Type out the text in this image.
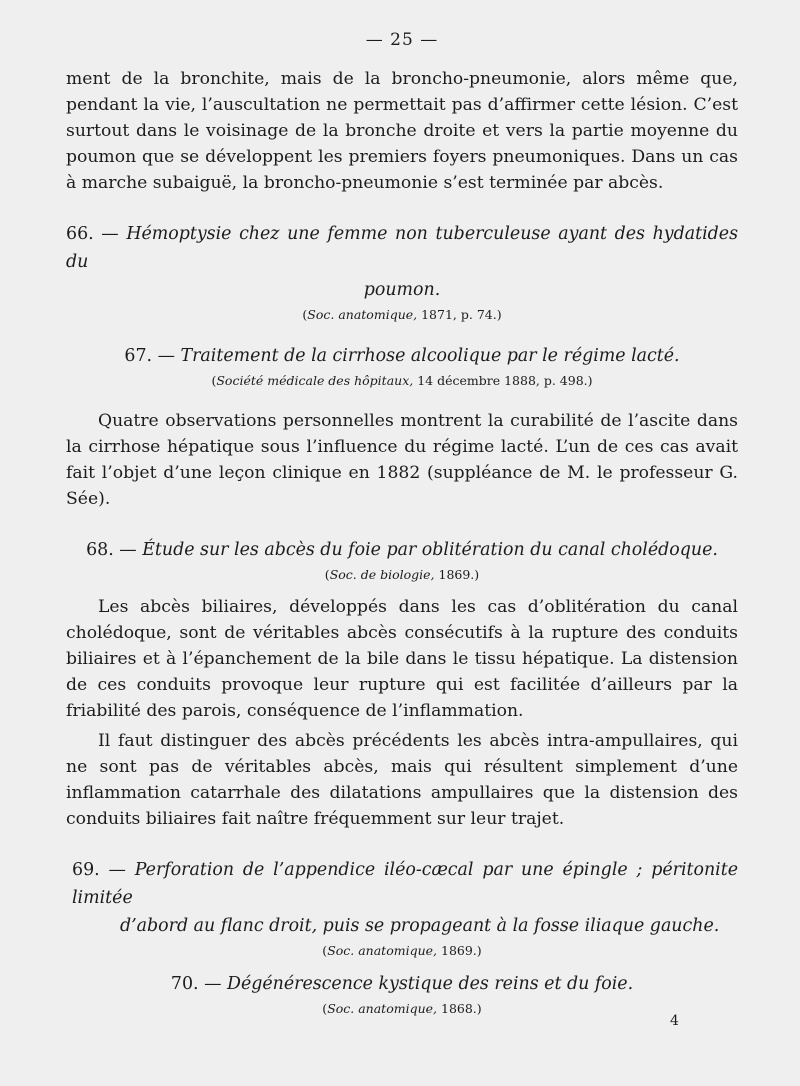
— 25 —

ment de la bronchite, mais de la broncho-pneumonie, alors même que, pendant la vie, l’auscultation ne permettait pas d’affirmer cette lésion. C’est surtout dans le voisinage de la bronche droite et vers la partie moyenne du poumon que se développent les premiers foyers pneumoniques. Dans un cas à marche subaiguë, la broncho-pneumonie s’est terminée par abcès.

66. — Hémoptysie chez une femme non tuberculeuse ayant des hydatides du
poumon.
(Soc. anatomique, 1871, p. 74.)
67. — Traitement de la cirrhose alcoolique par le régime lacté.
(Société médicale des hôpitaux, 14 décembre 1888, p. 498.)

Quatre observations personnelles montrent la curabilité de l’ascite dans la cirrhose hépatique sous l’influence du régime lacté. L’un de ces cas avait fait l’objet d’une leçon clinique en 1882 (suppléance de M. le professeur G. Sée).

68. — Étude sur les abcès du foie par oblitération du canal cholédoque.
(Soc. de biologie, 1869.)

Les abcès biliaires, développés dans les cas d’oblitération du canal cholédoque, sont de véritables abcès consécutifs à la rupture des conduits biliaires et à l’épanchement de la bile dans le tissu hépatique. La distension de ces conduits provoque leur rupture qui est facilitée d’ailleurs par la friabilité des parois, conséquence de l’inflammation.

Il faut distinguer des abcès précédents les abcès intra-ampullaires, qui ne sont pas de véritables abcès, mais qui résultent simplement d’une inflammation catarrhale des dilatations ampullaires que la distension des conduits biliaires fait naître fréquemment sur leur trajet.

69. — Perforation de l’appendice iléo-cæcal par une épingle ; péritonite limitée
d’abord au flanc droit, puis se propageant à la fosse iliaque gauche.
(Soc. anatomique, 1869.)
70. — Dégénérescence kystique des reins et du foie.
(Soc. anatomique, 1868.)
4
